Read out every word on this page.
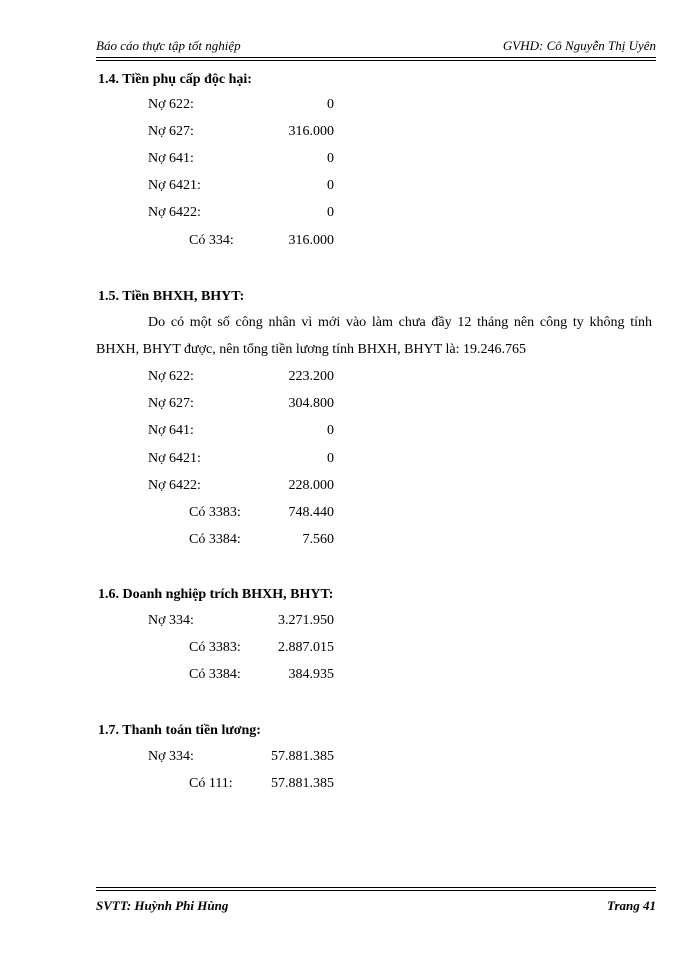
Báo cáo thực tập tốt nghiệp	GVHD: Cô Nguyễn Thị Uyên
1.4. Tiền phụ cấp độc hại:
Nợ 622:	0
Nợ 627:	316.000
Nợ 641:	0
Nợ 6421:	0
Nợ 6422:	0
Có 334:	316.000
1.5. Tiền BHXH, BHYT:
Do có một số công nhân vì mới vào làm chưa đầy 12 tháng nên công ty không tính
BHXH, BHYT được, nên tổng tiền lương tính BHXH, BHYT là: 19.246.765
Nợ 622:	223.200
Nợ 627:	304.800
Nợ 641:	0
Nợ 6421:	0
Nợ 6422:	228.000
Có 3383:	748.440
Có 3384:	7.560
1.6. Doanh nghiệp trích BHXH, BHYT:
Nợ 334:	3.271.950
Có 3383:	2.887.015
Có 3384:	384.935
1.7. Thanh toán tiền lương:
Nợ 334:	57.881.385
Có 111:	57.881.385
SVTT: Huỳnh Phi Hùng	Trang 41
